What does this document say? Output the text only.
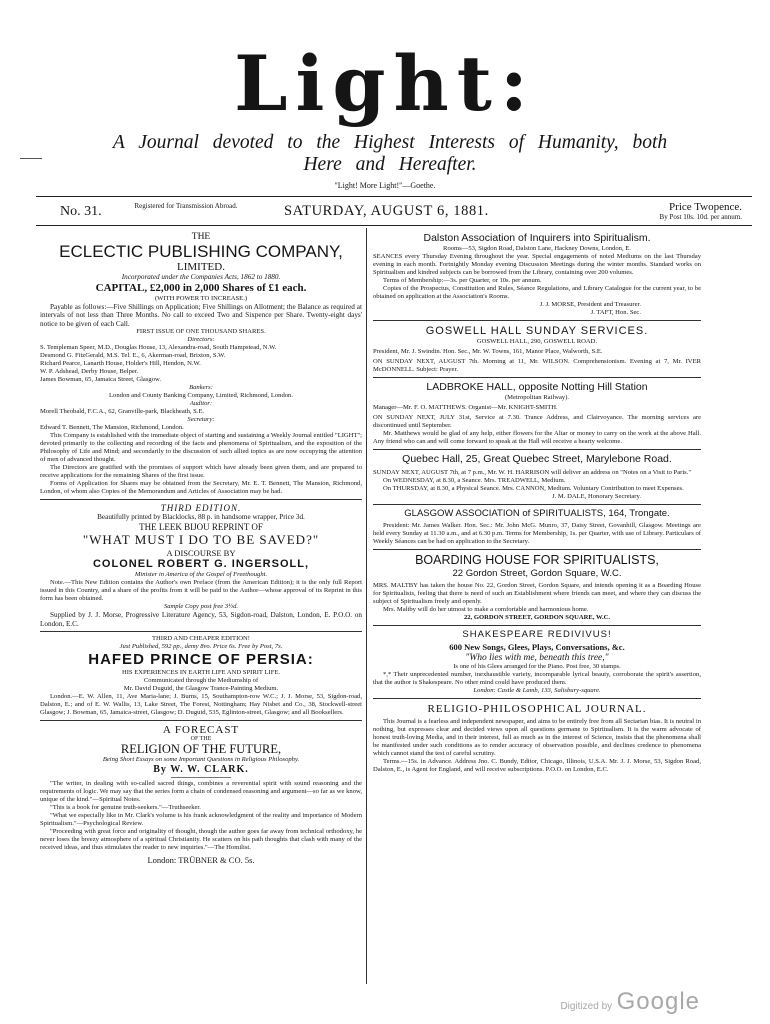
Light:
A Journal devoted to the Highest Interests of Humanity, both
Here and Hereafter.
"Light! More Light!"—Goethe.
No. 31.	Registered for Transmission Abroad.	SATURDAY, AUGUST 6, 1881.	Price Twopence.
By Post 10s. 10d. per annum.
THE
ECLECTIC PUBLISHING COMPANY,
LIMITED.
Incorporated under the Companies Acts, 1862 to 1880.
CAPITAL, £2,000 in 2,000 Shares of £1 each.
(WITH POWER TO INCREASE.)
Payable as follows:—Five Shillings on Application; Five Shillings on Allotment; the Balance as required at intervals of not less than Three Months. No call to exceed Two and Sixpence per Share. Twenty-eight days' notice to be given of each Call.
FIRST ISSUE OF ONE THOUSAND SHARES.
Directors:
S. Templeman Speer, M.D., Douglas House, 13, Alexandra-road, South Hampstead, N.W.
Desmond G. FitzGerald, M.S. Tel. E., 6, Akerman-road, Brixton, S.W.
Richard Pearce, Lanarth House, Holder's Hill, Hendon, N.W.
W. P. Adshead, Derby House, Belper.
James Bowman, 65, Jamaica Street, Glasgow.
Bankers:
London and County Banking Company, Limited, Richmond, London.
Auditor:
Morell Theobald, F.C.A., 62, Granville-park, Blackheath, S.E.
Secretary:
Edward T. Bennett, The Mansion, Richmond, London.
This Company is established with the immediate object of starting and sustaining a Weekly Journal entitled "LIGHT"; devoted primarily to the collecting and recording of the facts and phenomena of Spiritualism, and the exposition of the Philosophy of Life and Mind; and secondarily to the discussion of such allied topics as are now occupying the attention of men of advanced thought.
The Directors are gratified with the promises of support which have already been given them, and are prepared to receive applications for the remaining Shares of the first issue.
Forms of Application for Shares may be obtained from the Secretary, Mr. E. T. Bennett, The Mansion, Richmond, London, of whom also Copies of the Memorandum and Articles of Association may be had.
THIRD EDITION.
Beautifully printed by Blacklocks, 88 p. in handsome wrapper, Price 3d.
THE LEEK BIJOU REPRINT OF
"WHAT MUST I DO TO BE SAVED?"
A DISCOURSE BY
COLONEL ROBERT G. INGERSOLL,
Minister in America of the Gospel of Freethought.
Note.—This New Edition contains the Author's own Preface (from the American Edition); it is the only full Report issued in this Country, and a share of the profits from it will be paid to the Author—whose approval of its Reprint in this form has been obtained.
Sample Copy post free 3½d.
Supplied by J. J. Morse, Progressive Literature Agency, 53, Sigdon-road, Dalston, London, E. P.O.O. on London, E.C.
THIRD AND CHEAPER EDITION!
Just Published, 592 pp., demy 8vo. Price 6s. Free by Post, 7s.
HAFED PRINCE OF PERSIA:
HIS EXPERIENCES IN EARTH LIFE AND SPIRIT LIFE.
Communicated through the Mediumship of
Mr. David Duguid, the Glasgow Trance-Painting Medium.
London.—E. W. Allen, 11, Ave Maria-lane; J. Burns, 15, Southampton-row W.C.; J. J. Morse, 53, Sigdon-road, Dalston, E.; and of E. W. Wallis, 13, Lake Street, The Forest, Nottingham; Hay Nisbet and Co., 38, Stockwell-street Glasgow; J. Bowman, 65, Jamaica-street, Glasgow; D. Duguid, 535, Eglinton-street, Glasgow; and all Booksellers.
A FORECAST
OF THE
RELIGION OF THE FUTURE,
Being Short Essays on some Important Questions in Religious Philosophy.
By W. W. CLARK.
"The writer, in dealing with so-called sacred things, combines a reverential spirit with sound reasoning and the requirements of logic. We may say that the series form a chain of condensed reasoning and argument—so far as we know, unique of the kind."—Spiritual Notes.
"This is a book for genuine truth-seekers."—Truthseeker.
"What we especially like in Mr. Clark's volume is his frank acknowledgment of the reality and importance of Modern Spiritualism."—Psychological Review.
"Proceeding with great force and originality of thought, though the author goes far away from technical orthodoxy, he never loses the breezy atmosphere of a spiritual Christianity. He scatters on his path thoughts that clash with many of the received ideas, and thus stimulates the reader to new inquiries."—The Homilist.
London: TRÜBNER & CO. 5s.
Dalston Association of Inquirers into Spiritualism.
Rooms—53, Sigdon Road, Dalston Lane, Hackney Downs, London, E.
SEANCES every Thursday Evening throughout the year. Special engagements of noted Mediums on the last Thursday evening in each month. Fortnightly Monday evening Discussion Meetings during the winter months. Standard works on Spiritualism and kindred subjects can be borrowed from the Library, containing over 200 volumes.
Terms of Membership:—3s. per Quarter, or 10s. per annum.
Copies of the Prospectus, Constitution and Rules, Séance Regulations, and Library Catalogue for the current year, to be obtained on application at the Association's Rooms.
J. J. MORSE, President and Treasurer.
J. TAFT, Hon. Sec.
GOSWELL HALL SUNDAY SERVICES.
GOSWELL HALL, 290, GOSWELL ROAD.
President, Mr. J. Swindin. Hon. Sec., Mr. W. Towns, 161, Manor Place, Walworth, S.E.
ON SUNDAY NEXT, AUGUST 7th. Morning at 11, Mr. WILSON. Comprehensionism. Evening at 7, Mr. IVER McDONNELL. Subject: Prayer.
LADBROKE HALL, opposite Notting Hill Station
(Metropolitan Railway).
Manager—Mr. F. O. MATTHEWS. Organist—Mr. KNIGHT-SMITH.
ON SUNDAY NEXT, JULY 31st, Service at 7.30. Trance Address, and Clairvoyance. The morning services are discontinued until September.
Mr. Matthews would be glad of any help, either flowers for the Altar or money to carry on the work at the above Hall. Any friend who can and will come forward to speak at the Hall will receive a hearty welcome.
Quebec Hall, 25, Great Quebec Street, Marylebone Road.
SUNDAY NEXT, AUGUST 7th, at 7 p.m., Mr. W. H. HARRISON will deliver an address on "Notes on a Visit to Paris."
On WEDNESDAY, at 8.30, a Seance. Mrs. TREADWELL, Medium.
On THURSDAY, at 8.30, a Physical Seance. Mrs. CANNON, Medium. Voluntary Contribution to meet Expenses.
J. M. DALE, Honorary Secretary.
GLASGOW ASSOCIATION of SPIRITUALISTS, 164, Trongate.
President: Mr. James Walker. Hon. Sec.: Mr. John McG. Munro, 37, Daisy Street, Govanhill, Glasgow. Meetings are held every Sunday at 11.30 a.m., and at 6.30 p.m. Terms for Membership, 1s. per Quarter, with use of Library. Particulars of Weekly Séances can be had on application to the Secretary.
BOARDING HOUSE FOR SPIRITUALISTS,
22 Gordon Street, Gordon Square, W.C.
MRS. MALTBY has taken the house No. 22, Gordon Street, Gordon Square, and intends opening it as a Boarding House for Spiritualists, feeling that there is need of such an Establishment where friends can meet, and where they can discuss the subject of Spiritualism freely and openly.
Mrs. Maltby will do her utmost to make a comfortable and harmonious home.
22, GORDON STREET, GORDON SQUARE, W.C.
SHAKESPEARE REDIVIVUS!
600 New Songs, Glees, Plays, Conversations, &c.
"Who lies with me, beneath this tree,"
Is one of his Glees arranged for the Piano. Post free, 30 stamps.
*,* Their unprecedented number, inexhaustible variety, incomparable lyrical beauty, corroborate the spirit's assertion, that the author is Shakespeare. No other mind could have produced them.
London: Castle & Lamb, 133, Salisbury-square.
RELIGIO-PHILOSOPHICAL JOURNAL.
This Journal is a fearless and independent newspaper, and aims to be entirely free from all Sectarian bias. It is neutral in nothing, but expresses clear and decided views upon all questions germane to Spiritualism. It is the warm advocate of honest truth-loving Media, and in their interest, full as much as in the interest of Science, insists that the phenomena shall be manifested under such conditions as to render accuracy of observation possible, and declines credence to phenomena which cannot stand the test of careful scrutiny.
Terms.—15s. in Advance. Address Jno. C. Bundy, Editor, Chicago, Illinois, U.S.A. Mr. J. J. Morse, 53, Sigdon Road, Dalston, E., is Agent for England, and will receive subscriptions. P.O.O. on London, E.C.
Digitized by Google
